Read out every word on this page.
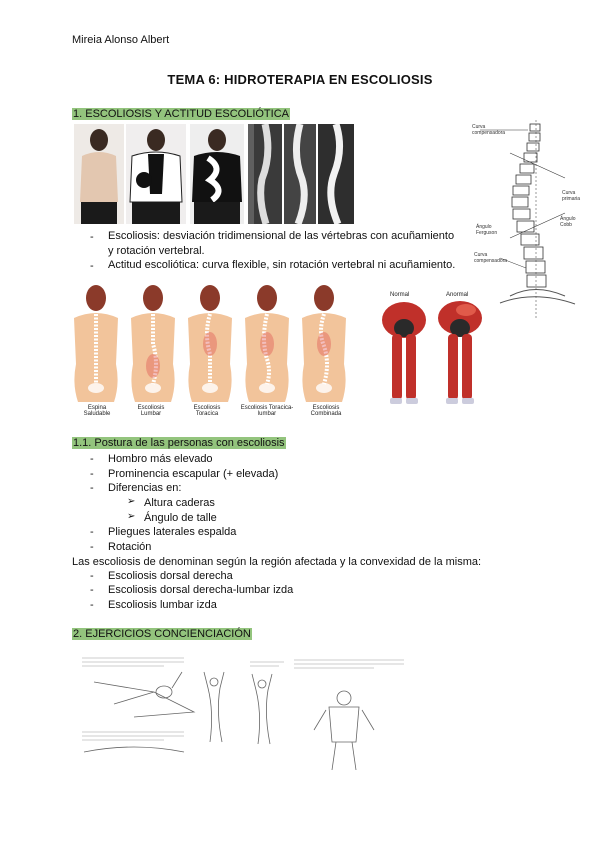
Mireia Alonso Albert
TEMA 6: HIDROTERAPIA EN ESCOLIOSIS
1. ESCOLIOSIS Y ACTITUD ESCOLIÓTICA
Curva compensadora
Curva primaria
Ángulo Cobb
Ángulo Ferguson
Curva compensadora
- Escoliosis: desviación tridimensional de las vértebras con acuñamiento
y rotación vertebral.
- Actitud escoliótica: curva flexible, sin rotación vertebral ni acuñamiento.
Espina Saludable
Escoliosis Lumbar
Escoliosis Toracica
Escoliosis Toracica-lumbar
Escoliosis Combinada
Normal	Anormal
1.1. Postura de las personas con escoliosis
- Hombro más elevado
- Prominencia escapular (+ elevada)
- Diferencias en:
➢ Altura caderas
➢ Ángulo de talle
- Pliegues laterales espalda
- Rotación
Las escoliosis de denominan según la región afectada y la convexidad de la misma:
- Escoliosis dorsal derecha
- Escoliosis dorsal derecha-lumbar izda
- Escoliosis lumbar izda
2. EJERCICIOS CONCIENCIACIÓN
